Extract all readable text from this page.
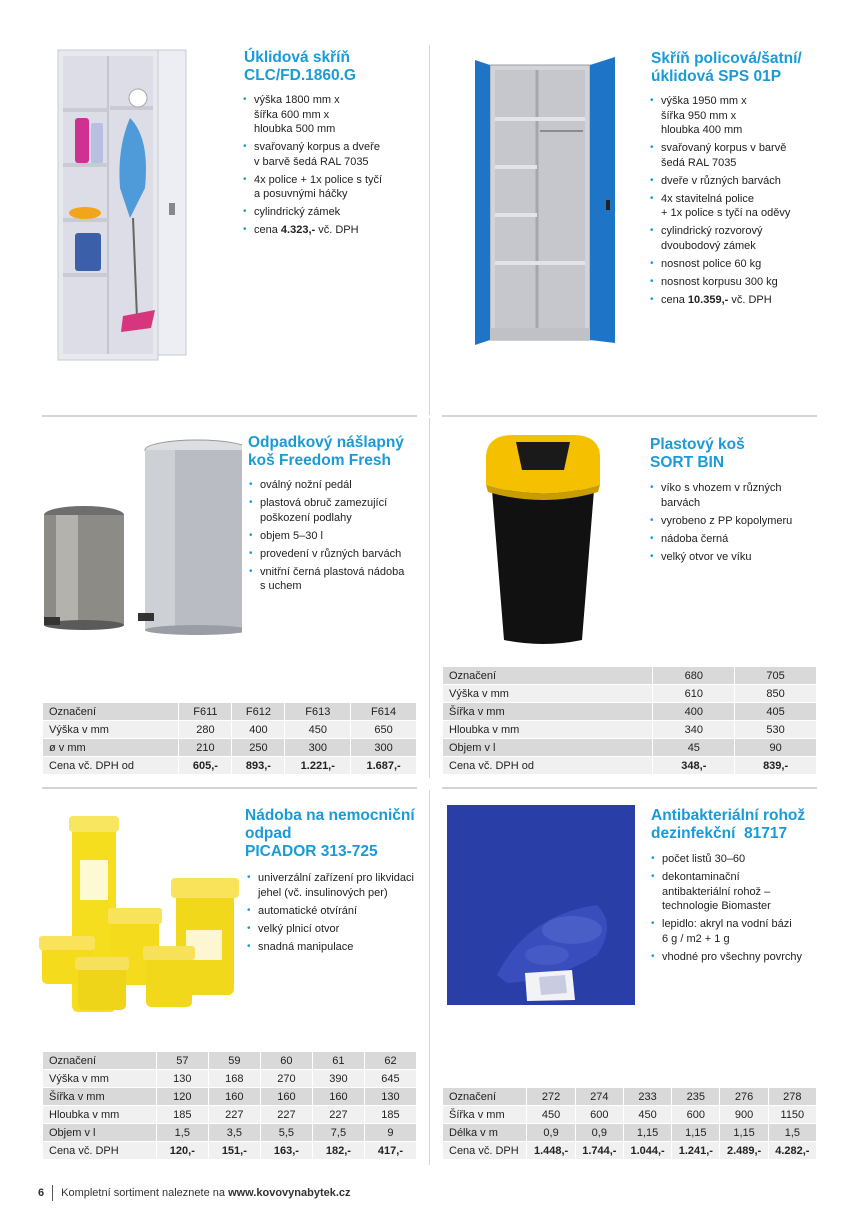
Úklidová skříň
CLC/FD.1860.G
• výška 1800 mm x
šířka 600 mm x
hloubka 500 mm
• svařovaný korpus a dveře
v barvě šedá RAL 7035
• 4x police + 1x police s tyčí
a posuvnými háčky
• cylindrický zámek
• cena 4.323,- vč. DPH
Skříň policová/šatní/
úklidová SPS 01P
• výška 1950 mm x
šířka 950 mm x
hloubka 400 mm
• svařovaný korpus v barvě
šedá RAL 7035
• dveře v různých barvách
• 4x stavitelná police
+ 1x police s tyčí na oděvy
• cylindrický rozvorový
dvoubodový zámek
• nosnost police 60 kg
• nosnost korpusu 300 kg
• cena 10.359,- vč. DPH
Odpadkový nášlapný
koš Freedom Fresh
• oválný nožní pedál
• plastová obruč zamezující
poškození podlahy
• objem 5–30 l
• provedení v různých barvách
• vnitřní černá plastová nádoba
s uchem
Označení	F611	F612	F613	F614
Výška v mm	280	400	450	650
ø v mm	210	250	300	300
Cena vč. DPH od	605,-	893,-	1.221,-	1.687,-
Plastový koš
SORT BIN
• víko s vhozem v různých
barvách
• vyrobeno z PP kopolymeru
• nádoba černá
• velký otvor ve víku
Označení	680	705
Výška v mm	610	850
Šířka v mm	400	405
Hloubka v mm	340	530
Objem v l	45	90
Cena vč. DPH od	348,-	839,-
Nádoba na nemocniční
odpad
PICADOR 313-725
• univerzální zařízení pro likvidaci
jehel (vč. insulinových per)
• automatické otvírání
• velký plnicí otvor
• snadná manipulace
Označení	57	59	60	61	62
Výška v mm	130	168	270	390	645
Šířka v mm	120	160	160	160	130
Hloubka v mm	185	227	227	227	185
Objem v l	1,5	3,5	5,5	7,5	9
Cena vč. DPH	120,-	151,-	163,-	182,-	417,-
Antibakteriální rohož
dezinfekční  81717
• počet listů 30–60
• dekontaminační
antibakteriální rohož –
technologie Biomaster
• lepidlo: akryl na vodní bázi
6 g / m2 + 1 g
• vhodné pro všechny povrchy
Označení	272	274	233	235	276	278
Šířka v mm	450	600	450	600	900	1150
Délka v m	0,9	0,9	1,15	1,15	1,15	1,5
Cena vč. DPH	1.448,-	1.744,-	1.044,-	1.241,-	2.489,-	4.282,-
6 Kompletní sortiment naleznete na www.kovovynabytek.cz
